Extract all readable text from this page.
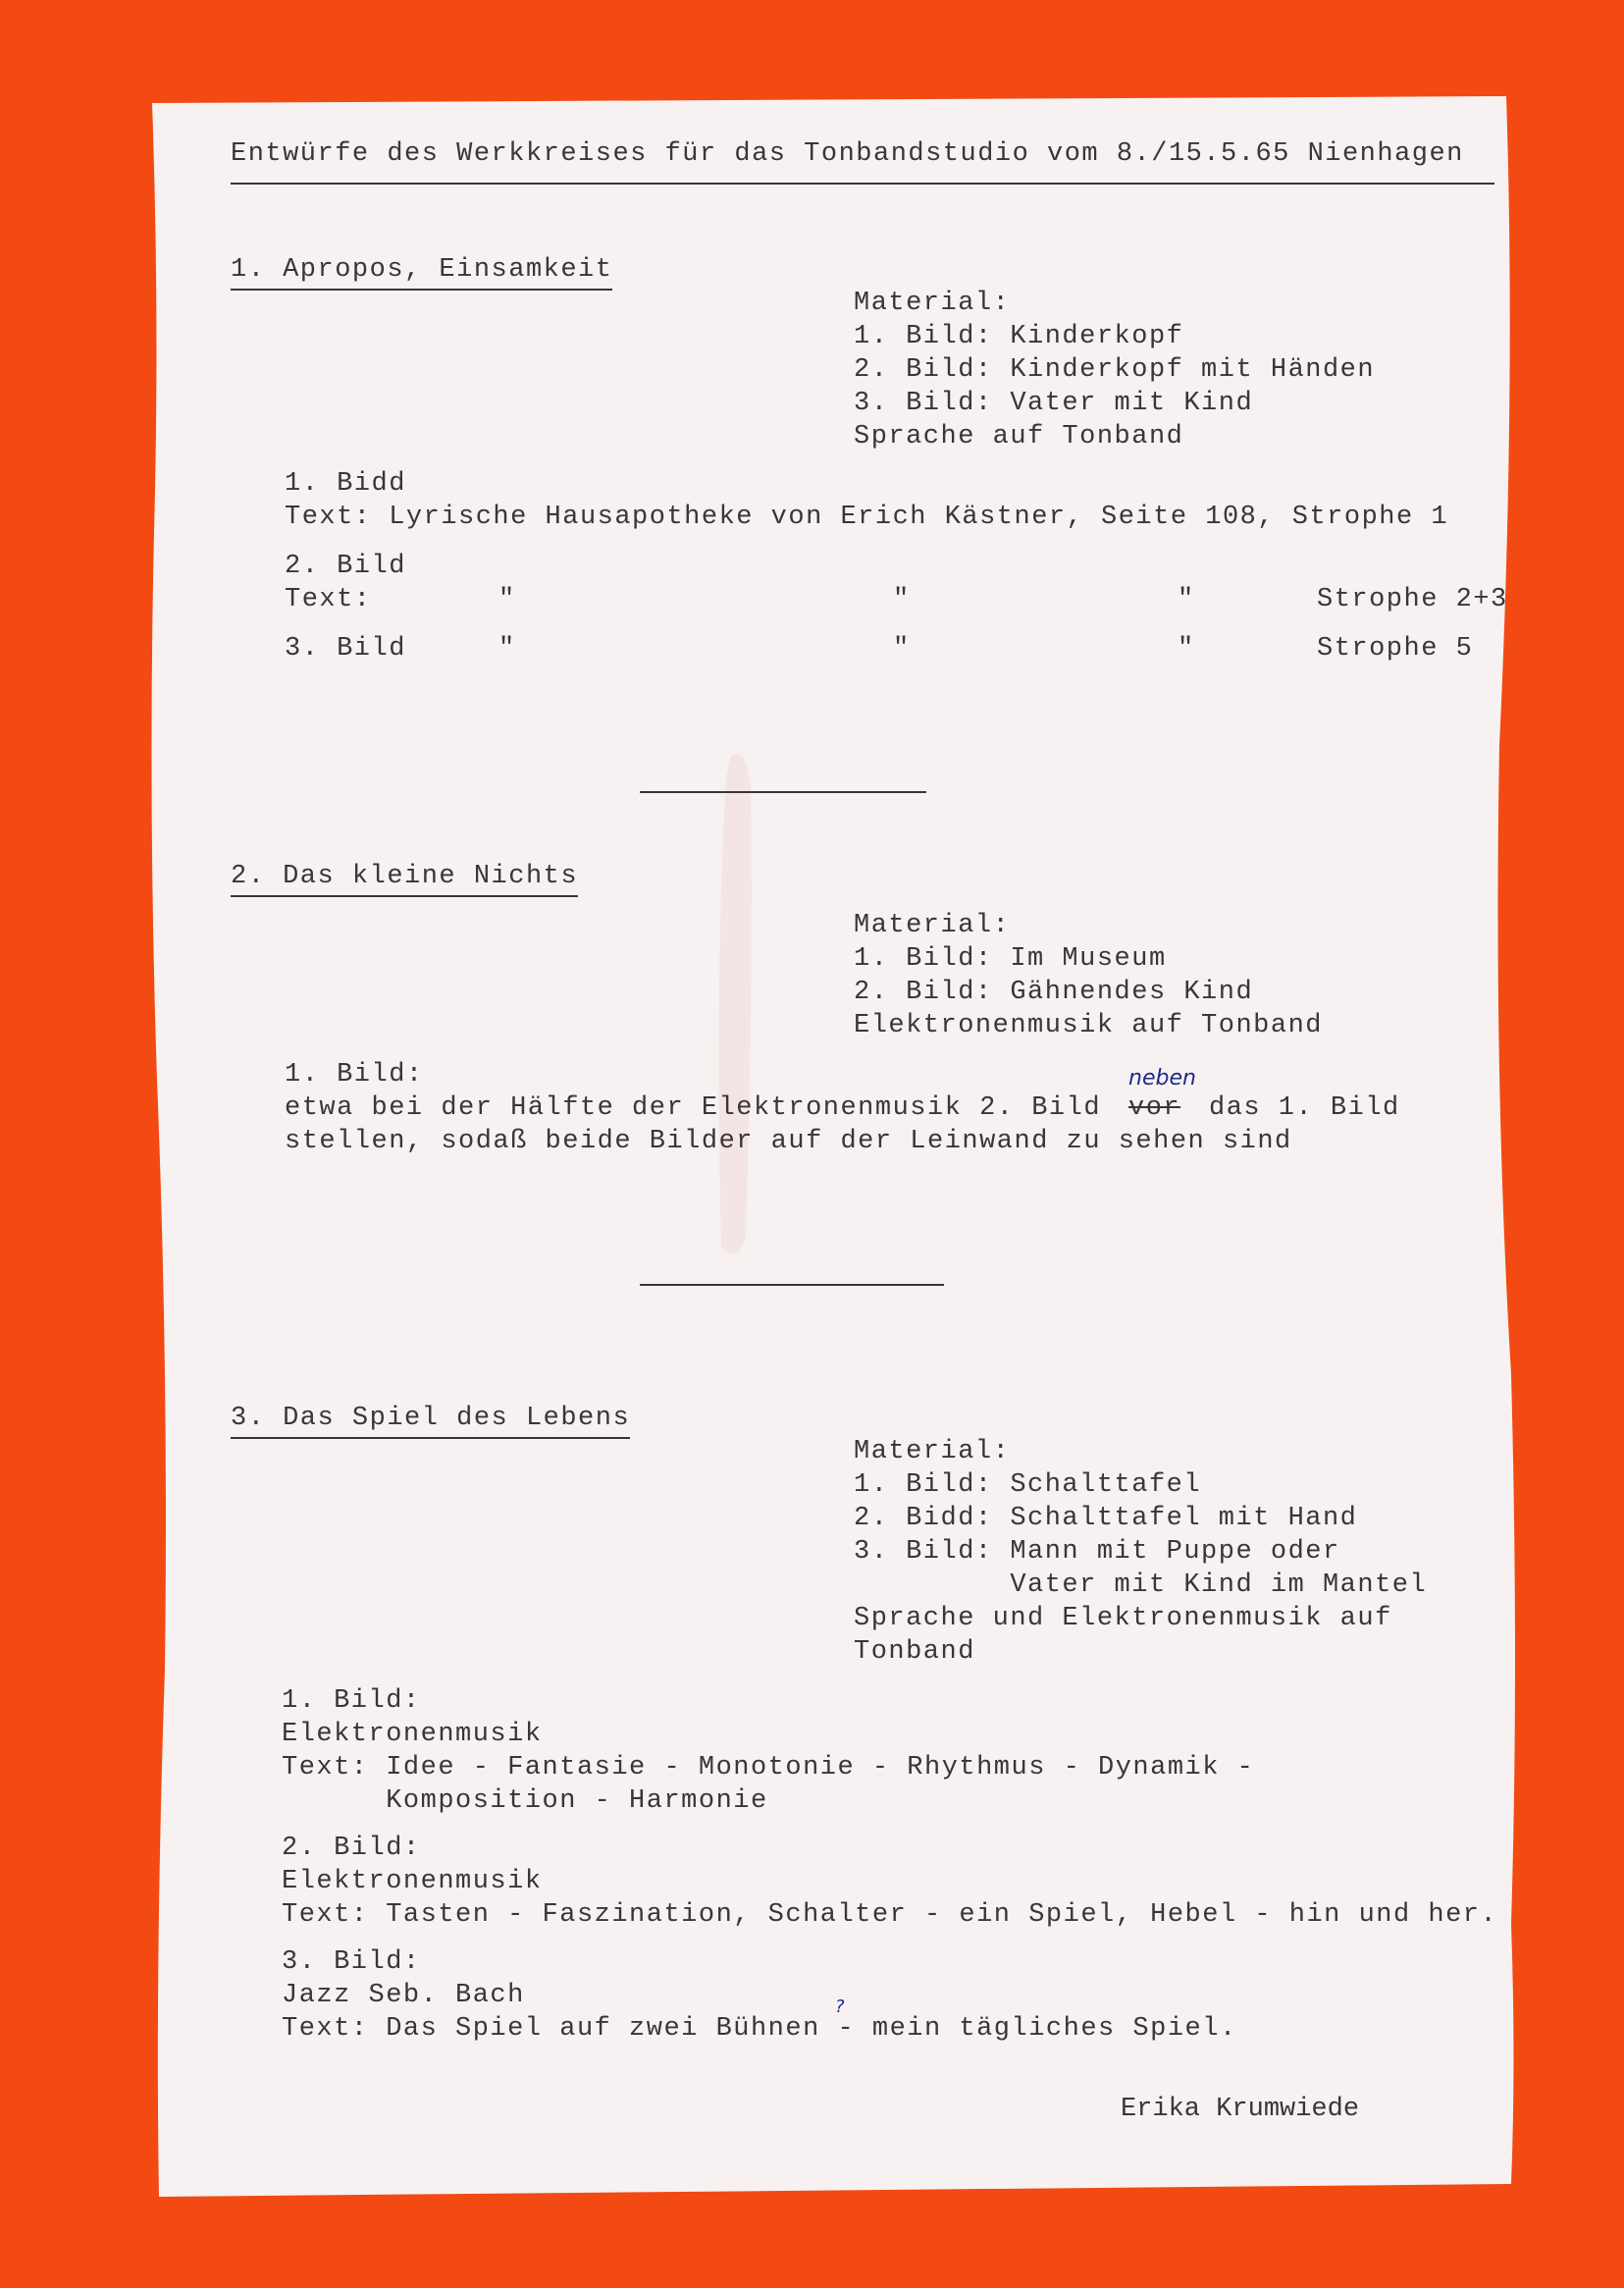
Entwürfe des Werkkreises für das Tonbandstudio vom 8./15.5.65 Nienhagen
1. Apropos, Einsamkeit
Material:
1. Bild: Kinderkopf
2. Bild: Kinderkopf mit Händen
3. Bild: Vater mit Kind
Sprache auf Tonband
1. Bidd
Text: Lyrische Hausapotheke von Erich Kästner, Seite 108, Strophe 1
2. Bild
Text:	"	"	"	Strophe 2+3
3. Bild	"	"	"	Strophe 5
2. Das kleine Nichts
Material:
1. Bild: Im Museum
2. Bild: Gähnendes Kind
Elektronenmusik auf Tonband
1. Bild:
etwa bei der Hälfte der Elektronenmusik 2. Bild vor das 1. Bild
neben
stellen, sodaß beide Bilder auf der Leinwand zu sehen sind
3. Das Spiel des Lebens
Material:
1. Bild: Schalttafel
2. Bidd: Schalttafel mit Hand
3. Bild: Mann mit Puppe oder
Vater mit Kind im Mantel
Sprache und Elektronenmusik auf
Tonband
1. Bild:
Elektronenmusik
Text: Idee - Fantasie - Monotonie - Rhythmus - Dynamik -
Komposition - Harmonie
2. Bild:
Elektronenmusik
Text: Tasten - Faszination, Schalter - ein Spiel, Hebel - hin und her.
3. Bild:
Jazz Seb. Bach
Text: Das Spiel auf zwei Bühnen - mein tägliches Spiel.
?
Erika Krumwiede
